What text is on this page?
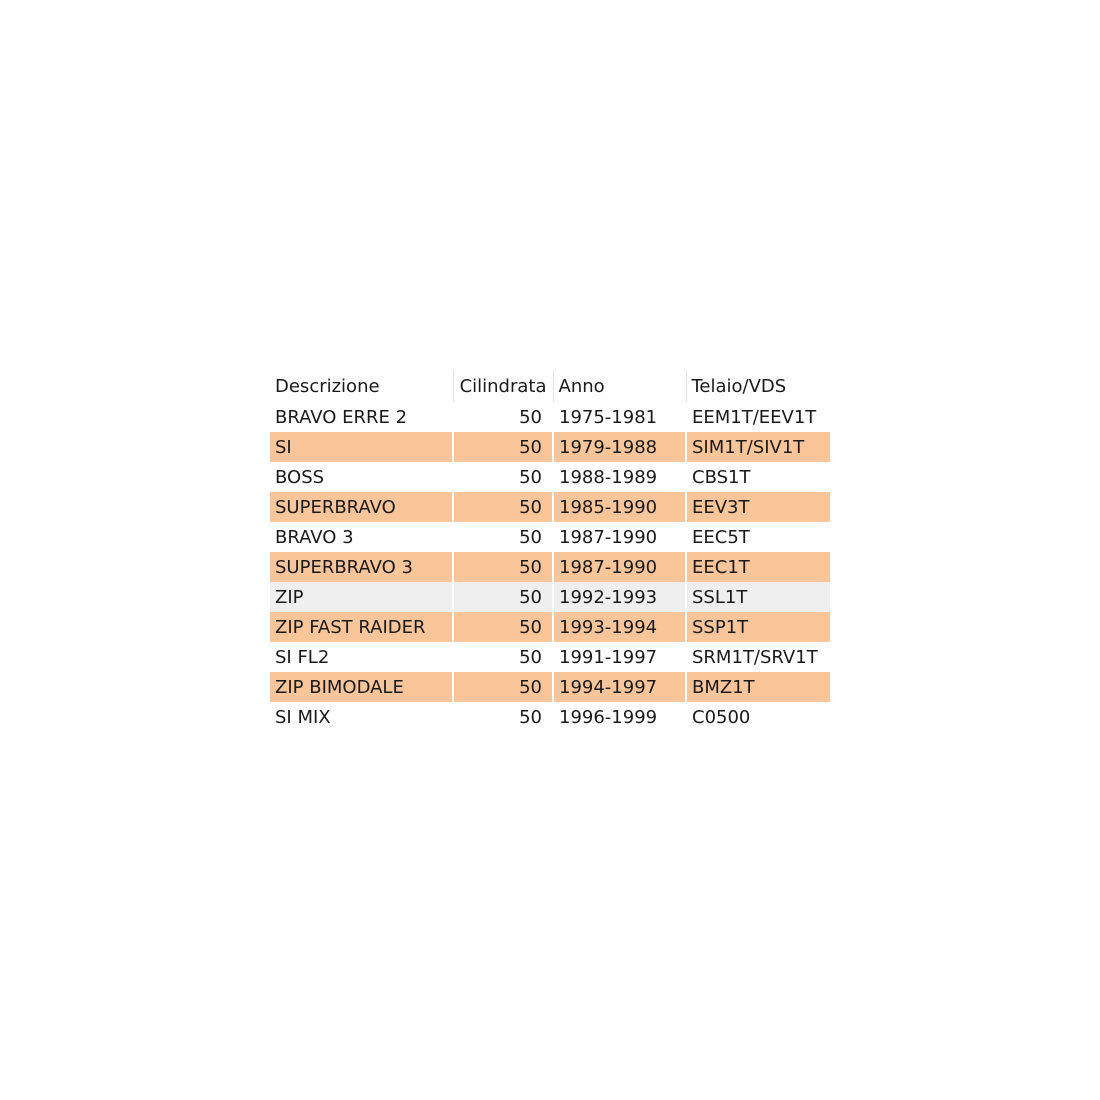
Descrizione	Cilindrata	Anno	Telaio/VDS
BRAVO ERRE 2	50	1975-1981	EEM1T/EEV1T
SI	50	1979-1988	SIM1T/SIV1T
BOSS	50	1988-1989	CBS1T
SUPERBRAVO	50	1985-1990	EEV3T
BRAVO 3	50	1987-1990	EEC5T
SUPERBRAVO 3	50	1987-1990	EEC1T
ZIP	50	1992-1993	SSL1T
ZIP FAST RAIDER	50	1993-1994	SSP1T
SI FL2	50	1991-1997	SRM1T/SRV1T
ZIP BIMODALE	50	1994-1997	BMZ1T
SI MIX	50	1996-1999	C0500
